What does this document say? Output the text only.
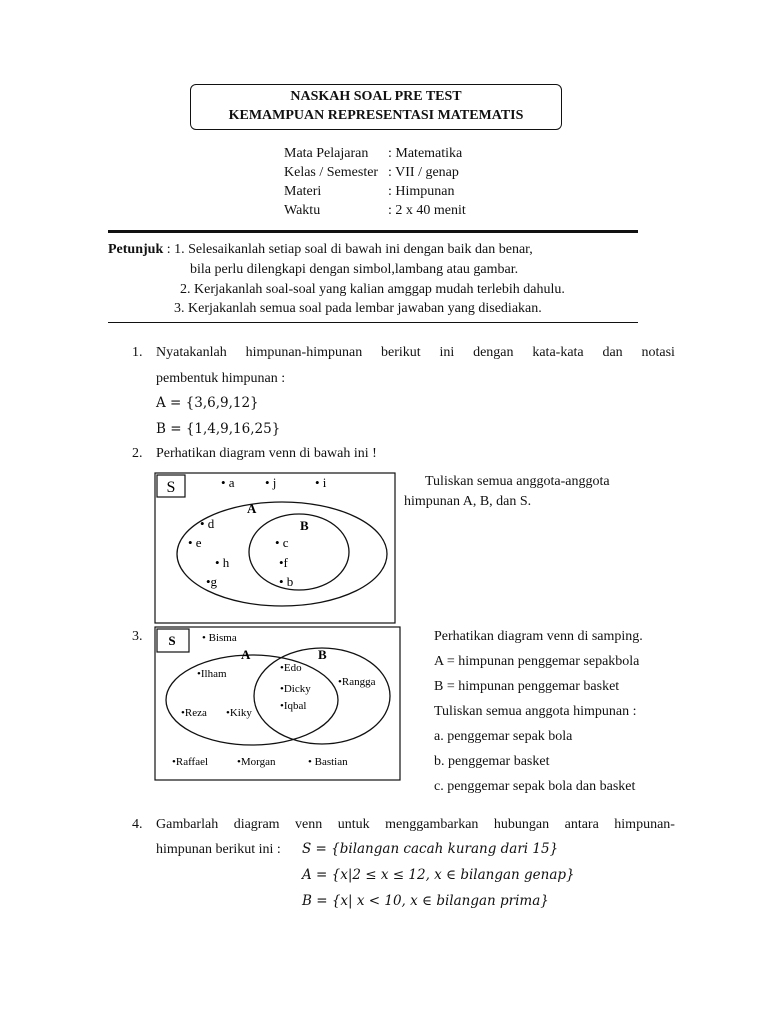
NASKAH SOAL PRE TEST
KEMAMPUAN REPRESENTASI MATEMATIS
Mata Pelajaran : Matematika
Kelas / Semester : VII / genap
Materi	: Himpunan
Waktu	: 2 x 40 menit
Petunjuk : 1. Selesaikanlah setiap soal di bawah ini dengan baik dan benar,
bila perlu dilengkapi dengan simbol,lambang atau gambar.
2. Kerjakanlah soal-soal yang kalian amggap mudah terlebih dahulu.
3. Kerjakanlah semua soal pada lembar jawaban yang disediakan.
1. Nyatakanlah himpunan-himpunan berikut ini dengan kata-kata dan notasi
pembentuk himpunan :
A = {3,6,9,12}
B = {1,4,9,16,25}
2. Perhatikan diagram venn di bawah ini !
S
A
B
• a • j	• i
• d
• e
• h
•g
• c
•f
• b
Tuliskan semua anggota-anggota
himpunan A, B, dan S.
3. S
A	B
• Bisma
•Ilham
•Reza •Kiky
•Edo
•Dicky
•Iqbal
•Rangga
•Raffael	•Morgan	• Bastian
Perhatikan diagram venn di samping.
A = himpunan penggemar sepakbola
B = himpunan penggemar basket
Tuliskan semua anggota himpunan :
a. penggemar sepak bola
b. penggemar basket
c. penggemar sepak bola dan basket
4. Gambarlah diagram venn untuk menggambarkan hubungan antara himpunan-
himpunan berikut ini : S = {bilangan cacah kurang dari 15}
A = {x|2 ≤ x ≤ 12, x ∈ bilangan genap}
B = {x| x < 10, x ∈ bilangan prima}
